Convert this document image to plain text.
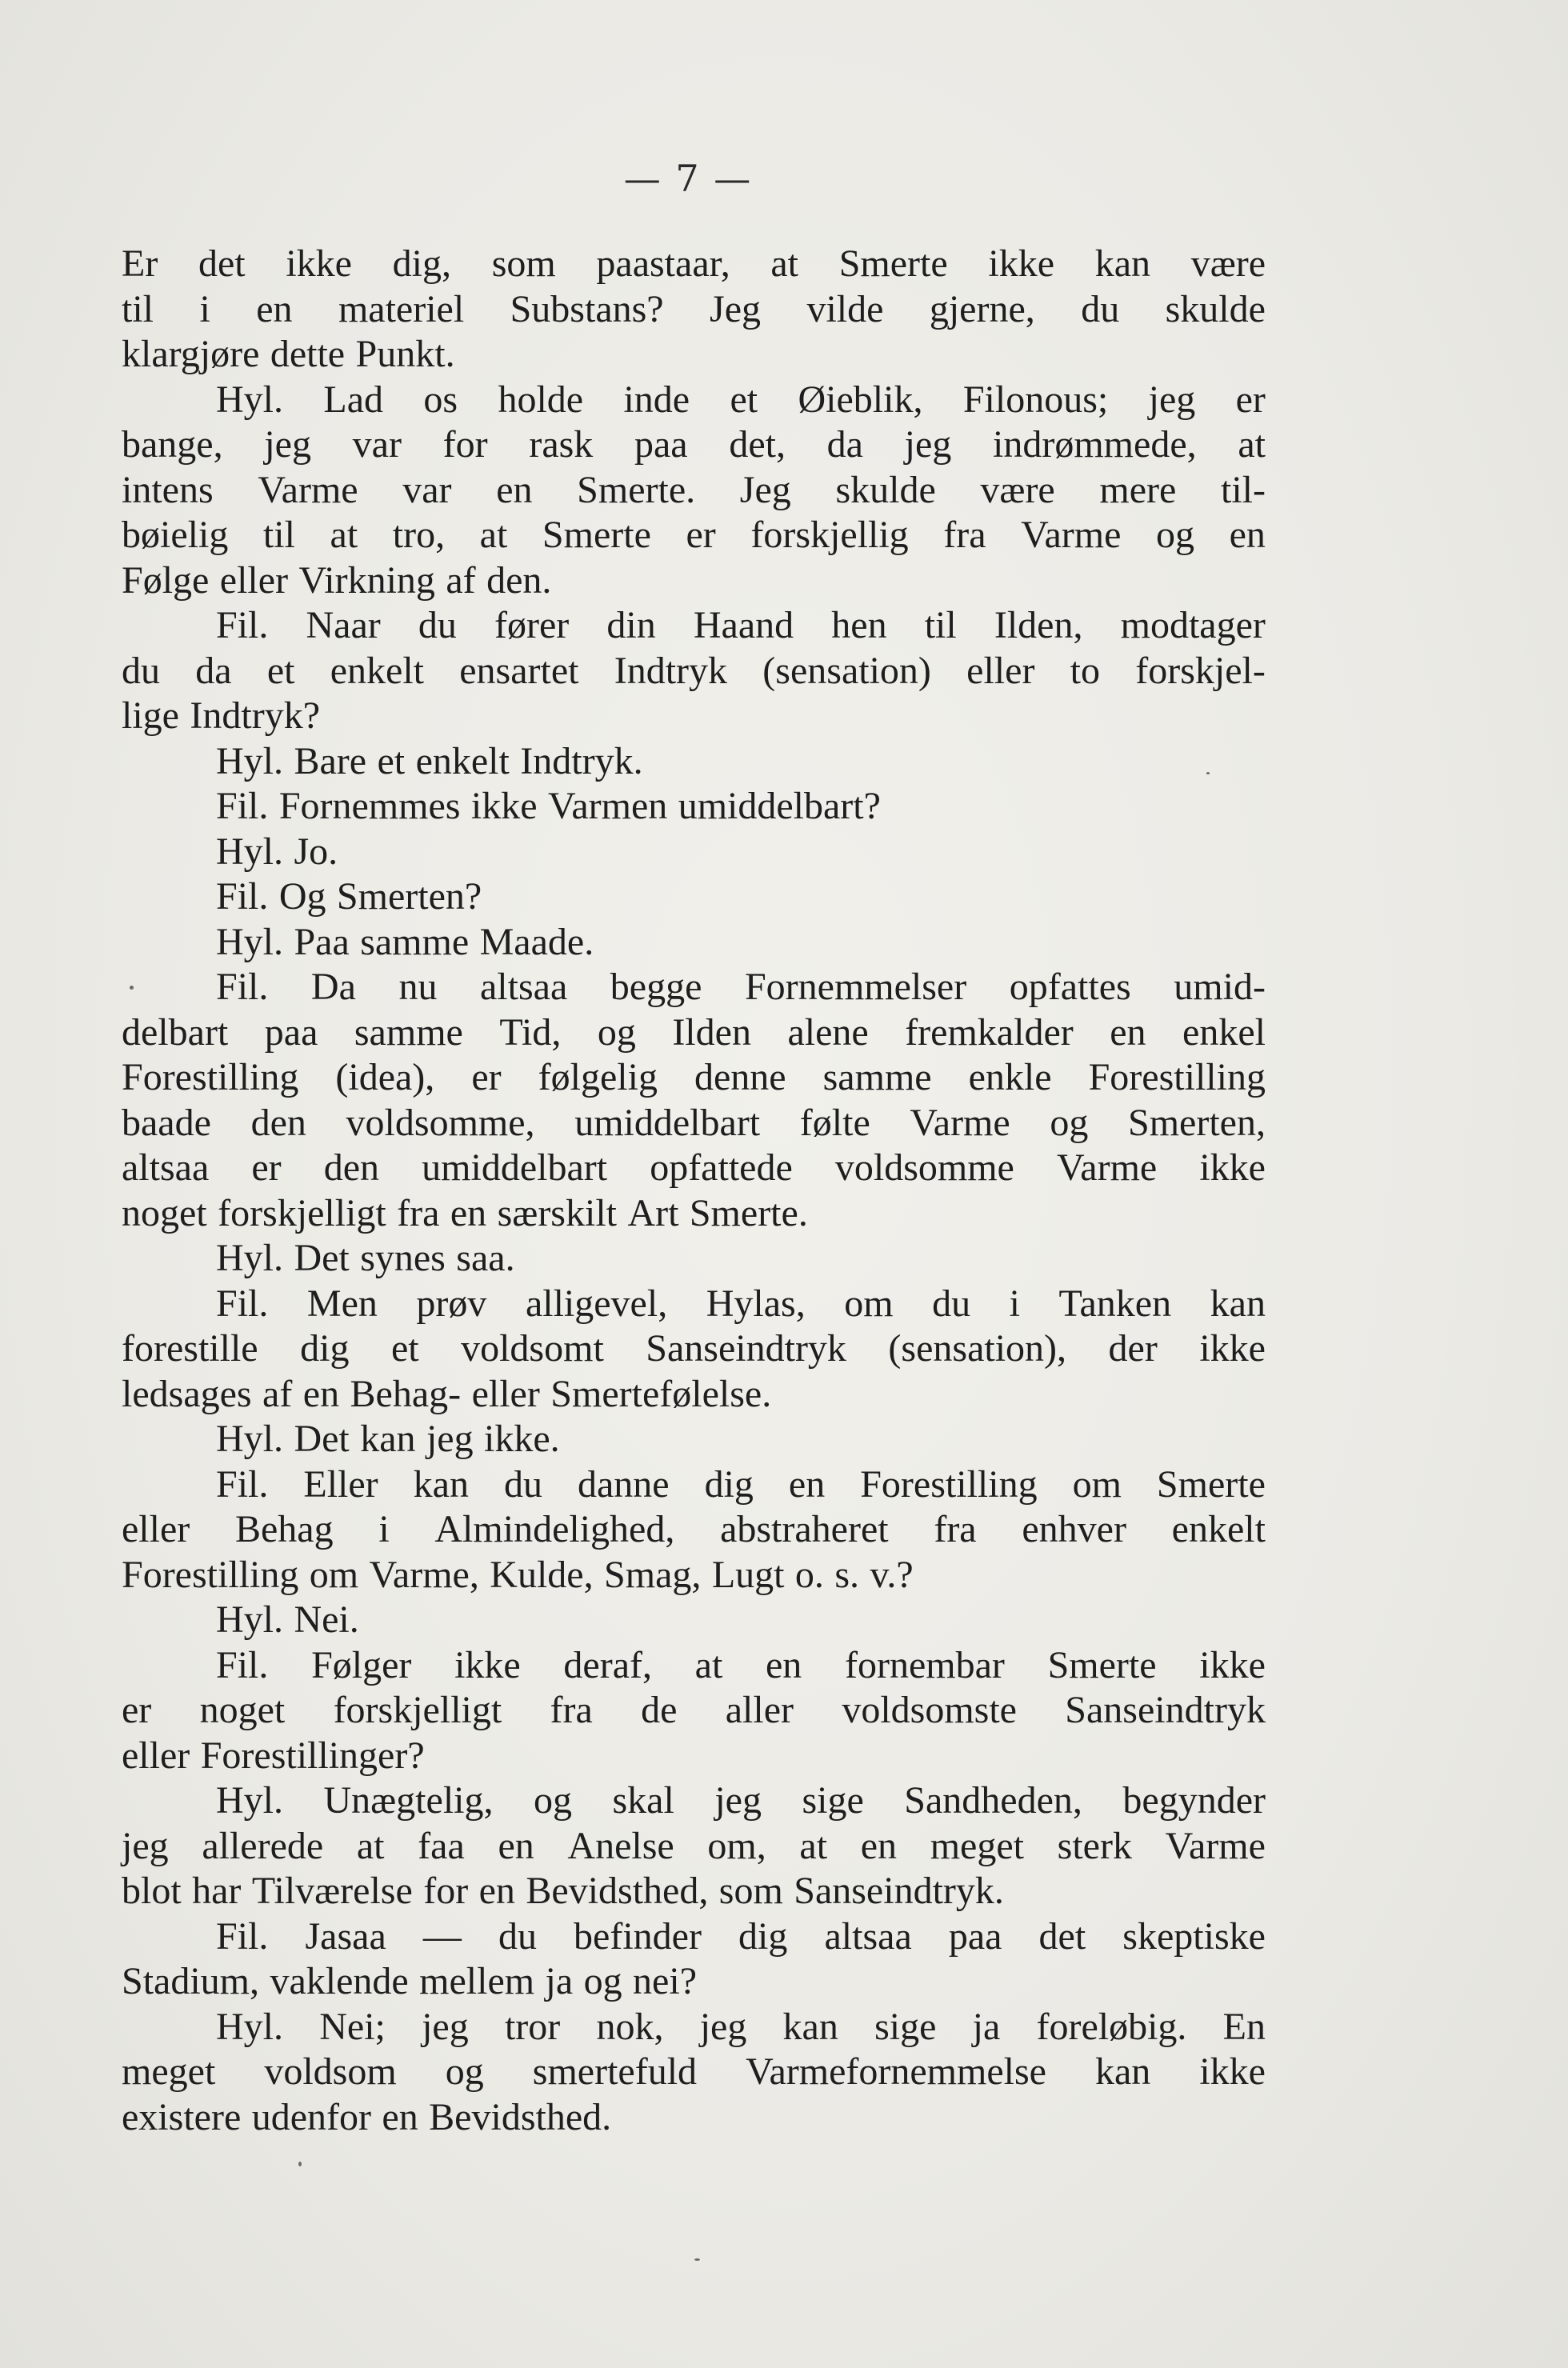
— 7 —
Er det ikke dig, som paastaar, at Smerte ikke kan være
til i en materiel Substans? Jeg vilde gjerne, du skulde
klargjøre dette Punkt.
Hyl. Lad os holde inde et Øieblik, Filonous; jeg er
bange, jeg var for rask paa det, da jeg indrømmede, at
intens Varme var en Smerte. Jeg skulde være mere til-
bøielig til at tro, at Smerte er forskjellig fra Varme og en
Følge eller Virkning af den.
Fil. Naar du fører din Haand hen til Ilden, modtager
du da et enkelt ensartet Indtryk (sensation) eller to forskjel-
lige Indtryk?
Hyl. Bare et enkelt Indtryk.
Fil. Fornemmes ikke Varmen umiddelbart?
Hyl. Jo.
Fil. Og Smerten?
Hyl. Paa samme Maade.
Fil. Da nu altsaa begge Fornemmelser opfattes umid-
delbart paa samme Tid, og Ilden alene fremkalder en enkel
Forestilling (idea), er følgelig denne samme enkle Forestilling
baade den voldsomme, umiddelbart følte Varme og Smerten,
altsaa er den umiddelbart opfattede voldsomme Varme ikke
noget forskjelligt fra en særskilt Art Smerte.
Hyl. Det synes saa.
Fil. Men prøv alligevel, Hylas, om du i Tanken kan
forestille dig et voldsomt Sanseindtryk (sensation), der ikke
ledsages af en Behag- eller Smertefølelse.
Hyl. Det kan jeg ikke.
Fil. Eller kan du danne dig en Forestilling om Smerte
eller Behag i Almindelighed, abstraheret fra enhver enkelt
Forestilling om Varme, Kulde, Smag, Lugt o. s. v.?
Hyl. Nei.
Fil. Følger ikke deraf, at en fornembar Smerte ikke
er noget forskjelligt fra de aller voldsomste Sanseindtryk
eller Forestillinger?
Hyl. Unægtelig, og skal jeg sige Sandheden, begynder
jeg allerede at faa en Anelse om, at en meget sterk Varme
blot har Tilværelse for en Bevidsthed, som Sanseindtryk.
Fil. Jasaa — du befinder dig altsaa paa det skeptiske
Stadium, vaklende mellem ja og nei?
Hyl. Nei; jeg tror nok, jeg kan sige ja foreløbig. En
meget voldsom og smertefuld Varmefornemmelse kan ikke
existere udenfor en Bevidsthed.
